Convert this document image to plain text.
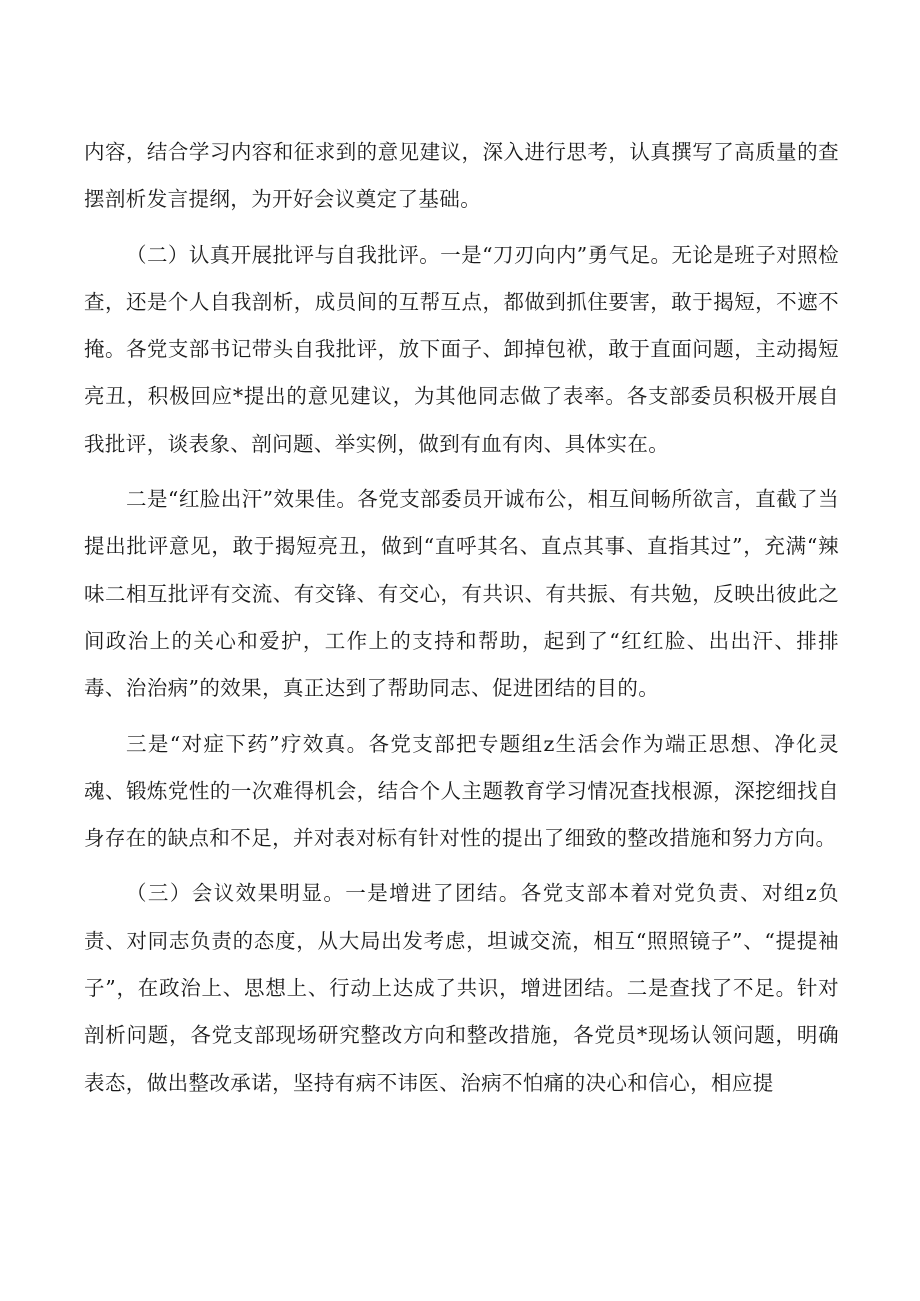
内容，结合学习内容和征求到的意见建议，深入进行思考，认真撰写了高质量的查摆剖析发言提纲，为开好会议奠定了基础。

（二）认真开展批评与自我批评。一是“刀刃向内”勇气足。无论是班子对照检查，还是个人自我剖析，成员间的互帮互点，都做到抓住要害，敢于揭短，不遮不掩。各党支部书记带头自我批评，放下面子、卸掉包袱，敢于直面问题，主动揭短亮丑，积极回应*提出的意见建议，为其他同志做了表率。各支部委员积极开展自我批评，谈表象、剖问题、举实例，做到有血有肉、具体实在。

二是“红脸出汗”效果佳。各党支部委员开诚布公，相互间畅所欲言，直截了当提出批评意见，敢于揭短亮丑，做到“直呼其名、直点其事、直指其过”，充满“辣味二相互批评有交流、有交锋、有交心，有共识、有共振、有共勉，反映出彼此之间政治上的关心和爱护，工作上的支持和帮助，起到了“红红脸、出出汗、排排毒、治治病”的效果，真正达到了帮助同志、促进团结的目的。

三是“对症下药”疗效真。各党支部把专题组z生活会作为端正思想、净化灵魂、锻炼党性的一次难得机会，结合个人主题教育学习情况查找根源，深挖细找自身存在的缺点和不足，并对表对标有针对性的提出了细致的整改措施和努力方向。

（三）会议效果明显。一是增进了团结。各党支部本着对党负责、对组z负责、对同志负责的态度，从大局出发考虑，坦诚交流，相互“照照镜子”、“提提袖子”，在政治上、思想上、行动上达成了共识，增进团结。二是查找了不足。针对剖析问题，各党支部现场研究整改方向和整改措施，各党员*现场认领问题，明确表态，做出整改承诺，坚持有病不讳医、治病不怕痛的决心和信心，相应提
